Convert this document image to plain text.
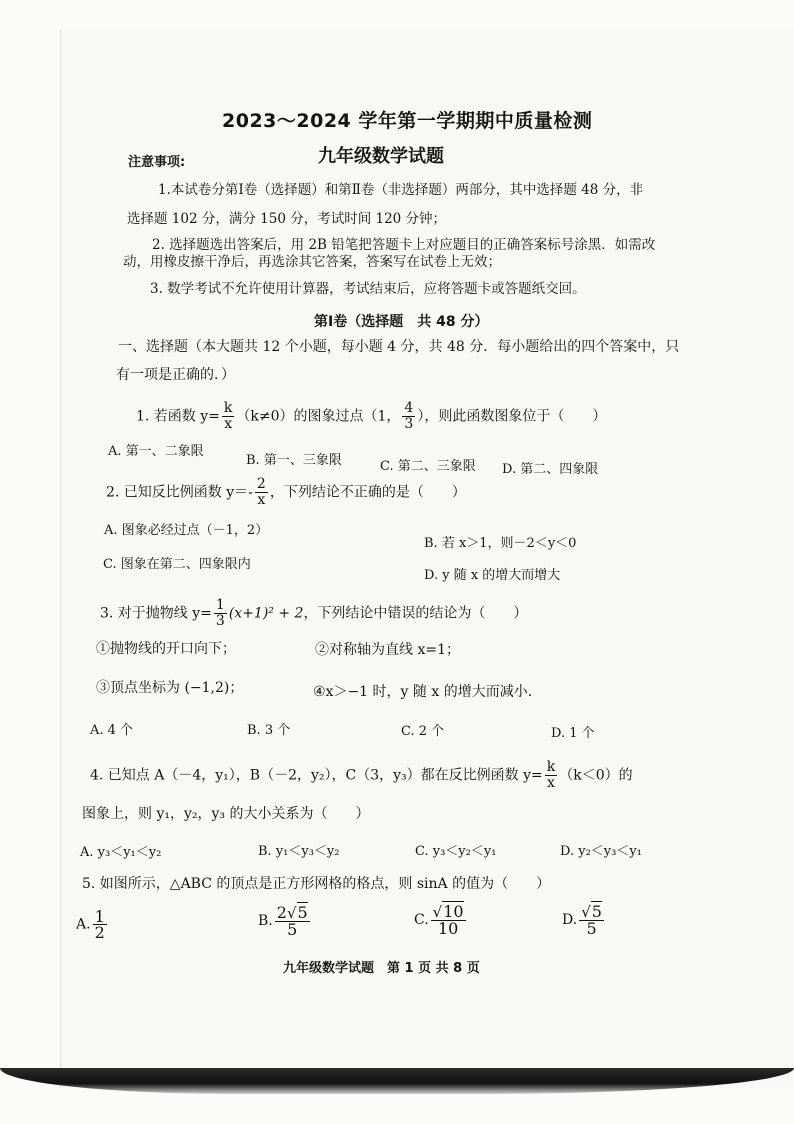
2023～2024 学年第一学期期中质量检测
九年级数学试题
注意事项:
1.本试卷分第Ⅰ卷（选择题）和第Ⅱ卷（非选择题）两部分，其中选择题 48 分，非
选择题 102 分，满分 150 分，考试时间 120 分钟；
2. 选择题选出答案后，用 2B 铅笔把答题卡上对应题目的正确答案标号涂黑．如需改
动，用橡皮擦干净后，再选涂其它答案，答案写在试卷上无效；
3. 数学考试不允许使用计算器，考试结束后，应将答题卡或答题纸交回。
第Ⅰ卷（选择题　共 48 分）
一、选择题（本大题共 12 个小题，每小题 4 分，共 48 分．每小题给出的四个答案中，只
有一项是正确的．）
1. 若函数 $y= \frac{k}{x} (k\ne 0)$的图象过点（1， $\frac{4}{3}$ ），则此函数图象位于（　　）
A. 第一、二象限
B. 第一、三象限	C. 第二、三象限 D. 第二、四象限
2. 已知反比例函数 $y=- \frac{2}{x}$ ，下列结论不正确的是（　　）
A. 图象必经过点（－1，2）
B. 若 x＞1，则－2＜y＜0
C. 图象在第二、四象限内
D. y 随 x 的增大而增大
3. 对于抛物线 $y= \frac{1}{3} (x+1)^2 + 2$，下列结论中错误的结论为（　　）
①抛物线的开口向下；	②对称轴为直线 x=1；
③顶点坐标为 (−1,2)；	④x＞−1 时，y 随 x 的增大而减小．
A. 4 个	B. 3 个	C. 2 个	D. 1 个
4. 已知点 A（－4，y₁），B（－2，y₂），C（3，y₃）都在反比例函数 $y= \frac{k}{x} (k<0)$的
图象上，则 y₁，y₂，y₃ 的大小关系为（　　）
A. y₃＜y₁＜y₂	B. y₁＜y₃＜y₂	C. y₃＜y₂＜y₁	D. y₂＜y₃＜y₁
5. 如图所示，△ABC 的顶点是正方形网格的格点，则 sinA 的值为（　　）
A. $\frac{1}{2}$	B. $\frac{2√5}{5}$	C. $\frac{√10}{10}$	D. $\frac{√5}{5}$
九年级数学试题　第 1 页 共 8 页
